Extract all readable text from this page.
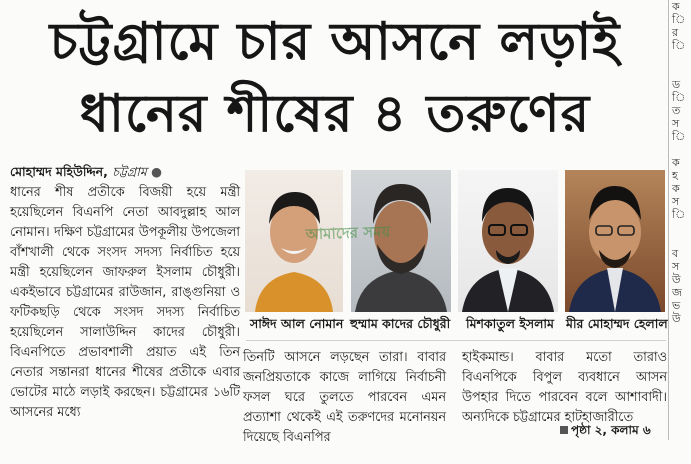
চট্টগ্রামে চার আসনে লড়াই
ধানের শীষের ৪ তরুণের
মোহাম্মদ মহিউদ্দিন, চট্টগ্রাম ●

ধানের শীষ প্রতীকে বিজয়ী হয়ে মন্ত্রী হয়েছিলেন বিএনপি নেতা আবদুল্লাহ আল নোমান। দক্ষিণ চট্টগ্রামের উপকূলীয় উপজেলা বাঁশখালী থেকে সংসদ সদস্য নির্বাচিত হয়ে মন্ত্রী হয়েছিলেন জাফরুল ইসলাম চৌধুরী। একইভাবে চট্টগ্রামের রাউজান, রাঙ্গুনিয়া ও ফটিকছড়ি থেকে সংসদ সদস্য নির্বাচিত হয়েছিলেন সালাউদ্দিন কাদের চৌধুরী। বিএনপিতে প্রভাবশালী প্রয়াত এই তিন নেতার সন্তানরা ধানের শীষের প্রতীকে এবার ভোটের মাঠে লড়াই করছেন। চট্টগ্রামের ১৬টি আসনের মধ্যে

আমাদের সময়
সাঈদ আল নোমান হুম্মাম কাদের চৌধুরী মিশকাতুল ইসলাম মীর মোহাম্মদ হেলাল

তিনটি আসনে লড়ছেন তারা। বাবার জনপ্রিয়তাকে কাজে লাগিয়ে নির্বাচনী ফসল ঘরে তুলতে পারবেন এমন প্রত্যাশা থেকেই এই তরুণদের মনোনয়ন দিয়েছে বিএনপির

হাইকমান্ড। বাবার মতো তারাও বিএনপিকে বিপুল ব্যবধানে আসন উপহার দিতে পারবেন বলে আশাবাদী। অন্যদিকে চট্টগ্রামের হাটহাজারীতে

পৃষ্ঠা ২, কলাম ৬
ক
ি
র
ি
ড
ি
ত
স
ি
ক
হ
ক
স
ি
ব
স
উ
জ
ভ
উ
